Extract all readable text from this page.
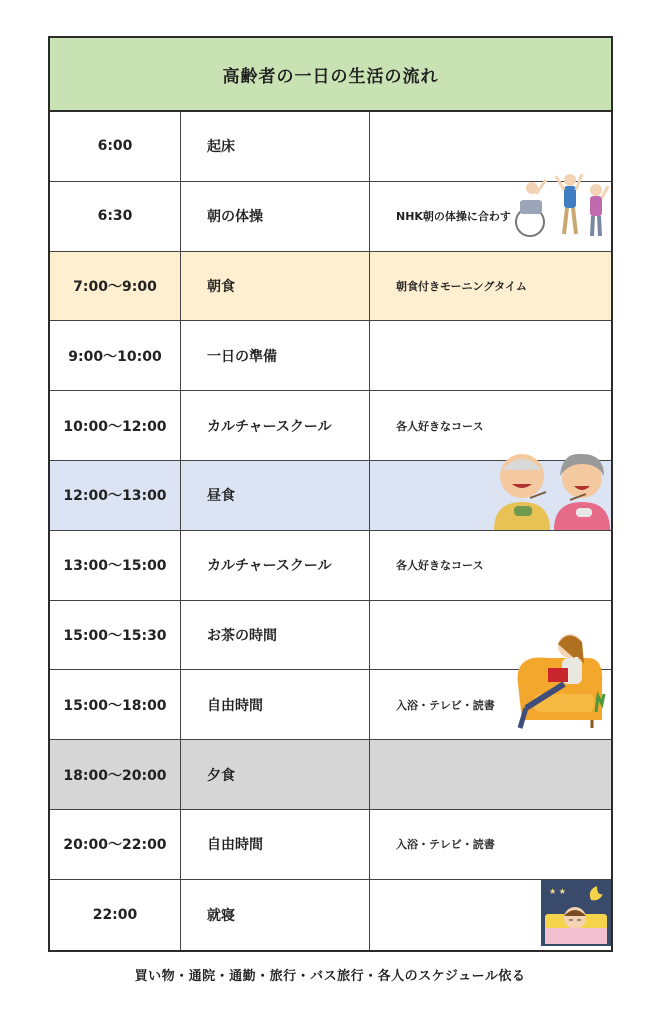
高齢者の一日の生活の流れ
6:00	起床
6:30	朝の体操	NHK朝の体操に合わす
7:00～9:00	朝食	朝食付きモーニングタイム
9:00～10:00	一日の準備
10:00～12:00	カルチャースクール	各人好きなコース
12:00～13:00	昼食
13:00～15:00	カルチャースクール	各人好きなコース
15:00～15:30	お茶の時間
15:00～18:00	自由時間	入浴・テレビ・読書
18:00～20:00	夕食
20:00～22:00	自由時間	入浴・テレビ・読書
22:00	就寝
★ ★
買い物・通院・通勤・旅行・バス旅行・各人のスケジュール依る
